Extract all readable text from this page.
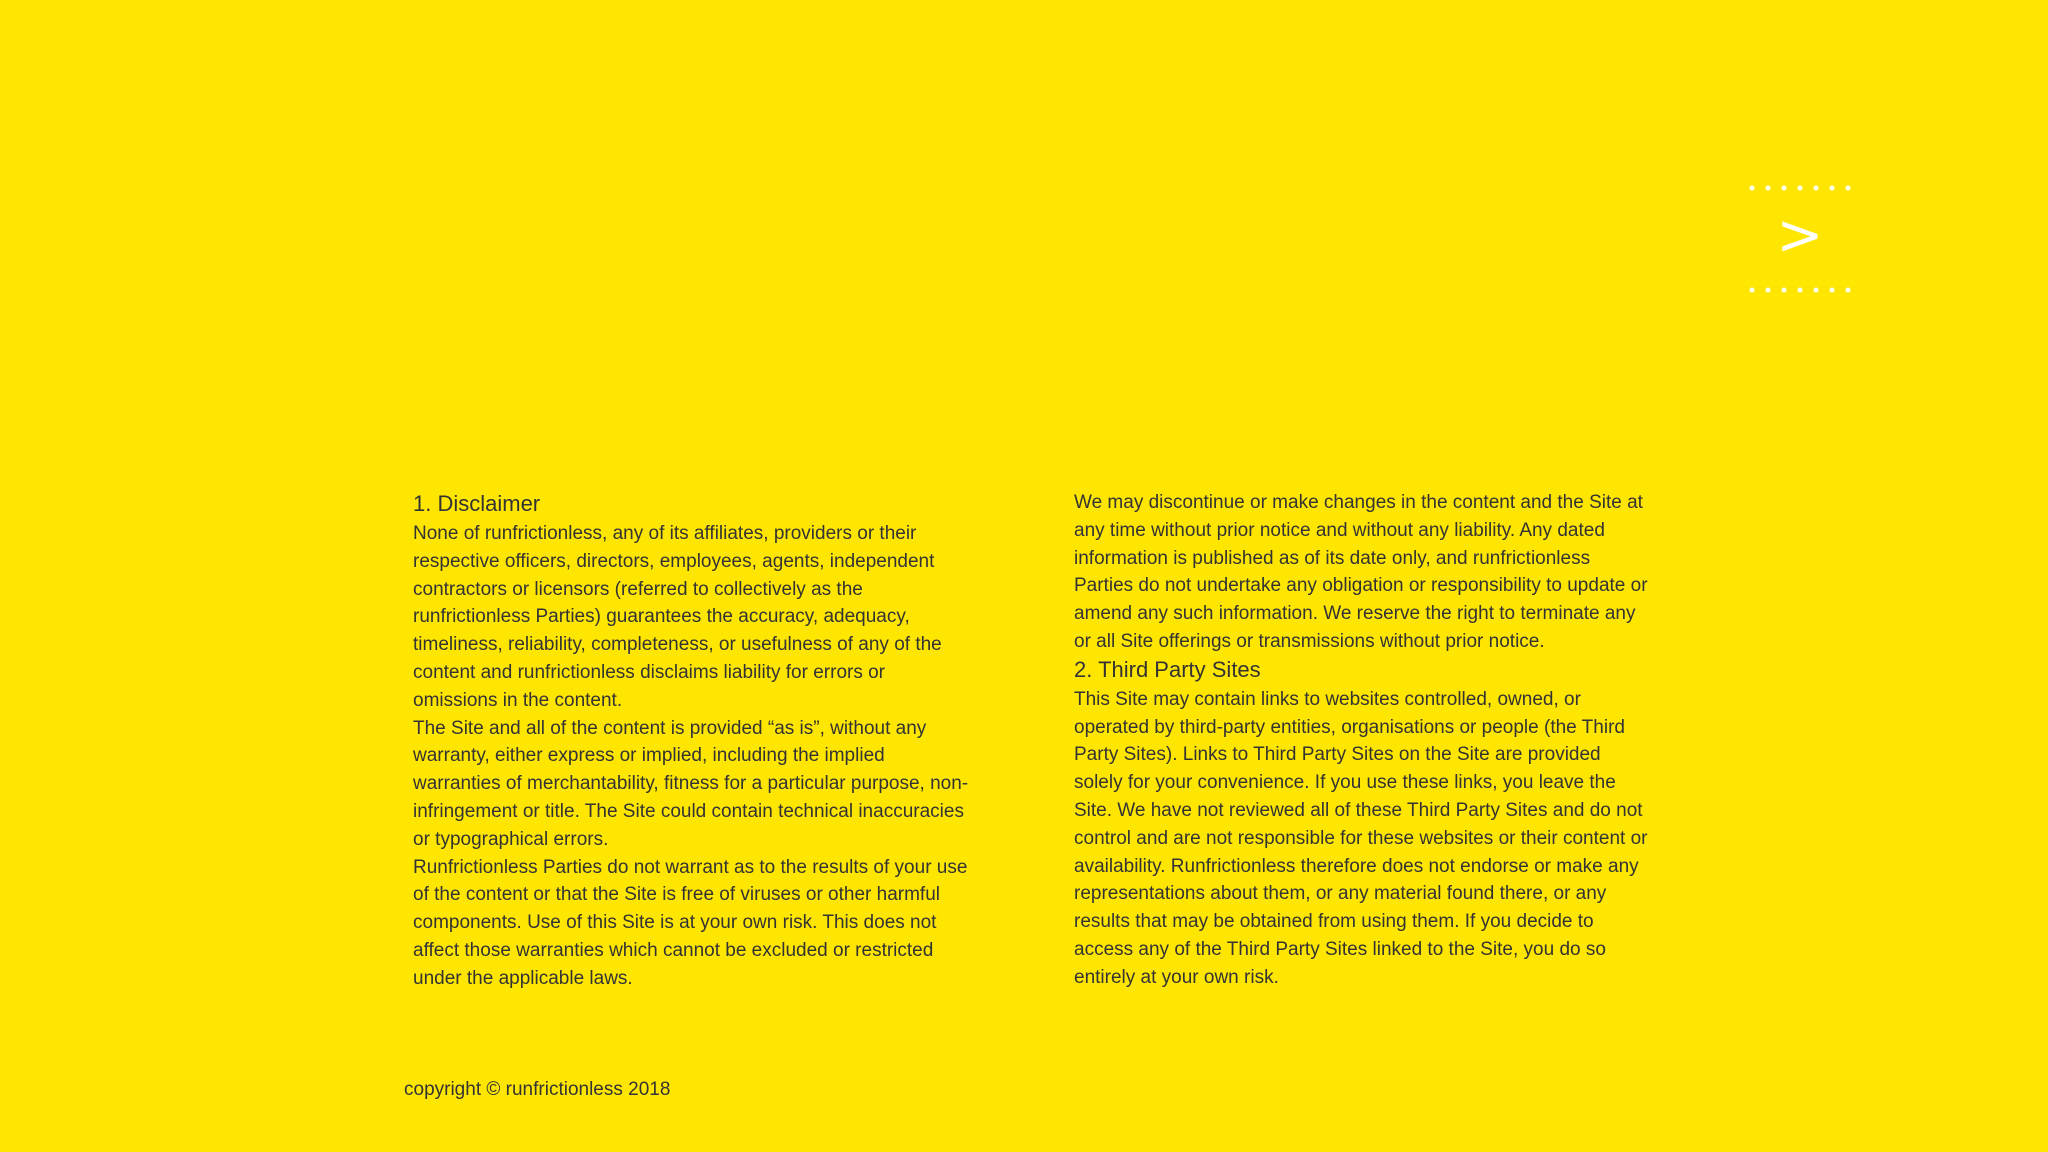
>
1. Disclaimer

None of runfrictionless, any of its affiliates, providers or their respective officers, directors, employees, agents, independent contractors or licensors (referred to collectively as the runfrictionless Parties) guarantees the accuracy, adequacy, timeliness, reliability, completeness, or usefulness of any of the content and runfrictionless disclaims liability for errors or omissions in the content.

The Site and all of the content is provided “as is”, without any warranty, either express or implied, including the implied warranties of merchantability, fitness for a particular purpose, non-infringement or title. The Site could contain technical inaccuracies or typographical errors.

Runfrictionless Parties do not warrant as to the results of your use of the content or that the Site is free of viruses or other harmful components. Use of this Site is at your own risk. This does not affect those warranties which cannot be excluded or restricted under the applicable laws.

We may discontinue or make changes in the content and the Site at any time without prior notice and without any liability. Any dated information is published as of its date only, and runfrictionless Parties do not undertake any obligation or responsibility to update or amend any such information. We reserve the right to terminate any or all Site offerings or transmissions without prior notice.

2. Third Party Sites

This Site may contain links to websites controlled, owned, or operated by third-party entities, organisations or people (the Third Party Sites). Links to Third Party Sites on the Site are provided solely for your convenience. If you use these links, you leave the Site. We have not reviewed all of these Third Party Sites and do not control and are not responsible for these websites or their content or availability. Runfrictionless therefore does not endorse or make any representations about them, or any material found there, or any results that may be obtained from using them. If you decide to access any of the Third Party Sites linked to the Site, you do so entirely at your own risk.

copyright © runfrictionless 2018
